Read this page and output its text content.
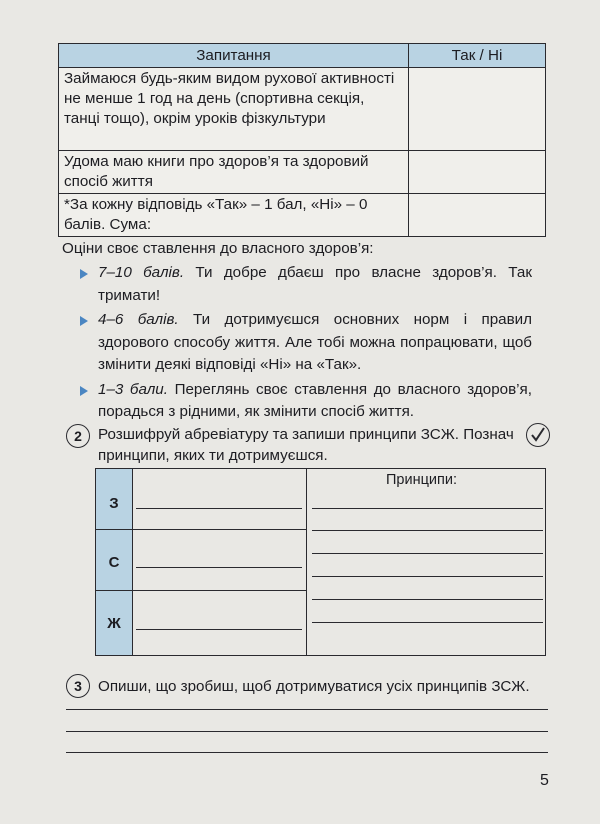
Запитання	Так / Ні
Займаюся будь-яким видом рухової активності не менше 1 год на день (спортивна секція, танці тощо), окрім уроків фізкультури	
Удома маю книги про здоров’я та здоровий спосіб життя	
*За кожну відповідь «Так» – 1 бал, «Ні» – 0 балів. Сума:	
Оціни своє ставлення до власного здоров’я:
7–10 балів. Ти добре дбаєш про власне здоров’я. Так тримати!
4–6 балів. Ти дотримуєшся основних норм і правил здорового способу життя. Але тобі можна попрацювати, щоб змінити деякі відповіді «Ні» на «Так».
1–3 бали. Переглянь своє ставлення до власного здоров’я, порадься з рідними, як змінити спосіб життя.
2	Розшифруй абревіатуру та запиши принципи ЗСЖ. Познач
принципи, яких ти дотримуєшся.
З
С
Ж
Принципи:
3	Опиши, що зробиш, щоб дотримуватися усіх принципів ЗСЖ.
5
